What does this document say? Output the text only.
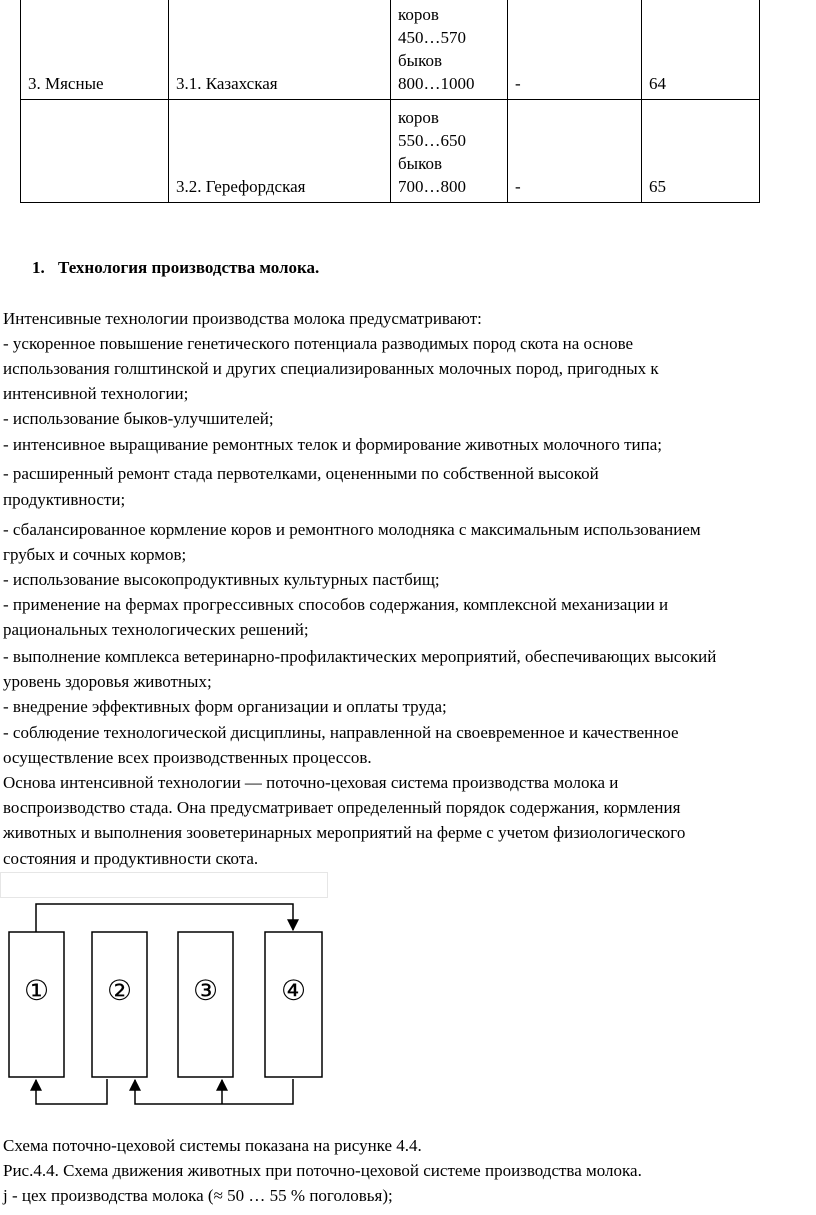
3. Мясные	3.1. Казахская	коров
450…570
быков
800…1000	-	64
	3.2. Герефордская	коров
550…650
быков
700…800	-	65
1. Технология производства молока.
Интенсивные технологии производства молока предусматривают:
- ускоренное повышение генетического потенциала разводимых пород скота на основе
использования голштинской и других специализированных молочных пород, пригодных к
интенсивной технологии;
- использование быков-улучшителей;
- интенсивное выращивание ремонтных телок и формирование животных молочного типа;
- расширенный ремонт стада первотелками, оцененными по собственной высокой
продуктивности;
- сбалансированное кормление коров и ремонтного молодняка с максимальным использованием
грубых и сочных кормов;
- использование высокопродуктивных культурных пастбищ;
- применение на фермах прогрессивных способов содержания, комплексной механизации и
рациональных технологических решений;
- выполнение комплекса ветеринарно-профилактических мероприятий, обеспечивающих высокий
уровень здоровья животных;
- внедрение эффективных форм организации и оплаты труда;
- соблюдение технологической дисциплины, направленной на своевременное и качественное
осуществление всех производственных процессов.
Основа интенсивной технологии — поточно-цеховая система производства молока и
воспроизводство стада. Она предусматривает определенный порядок содержания, кормления
животных и выполнения зооветеринарных мероприятий на ферме с учетом физиологического
состояния и продуктивности скота.
① ② ③ ④
Схема поточно-цеховой системы показана на рисунке 4.4.
Рис.4.4. Схема движения животных при поточно-цеховой системе производства молока.
j - цех производства молока (≈ 50 … 55 % поголовья);
